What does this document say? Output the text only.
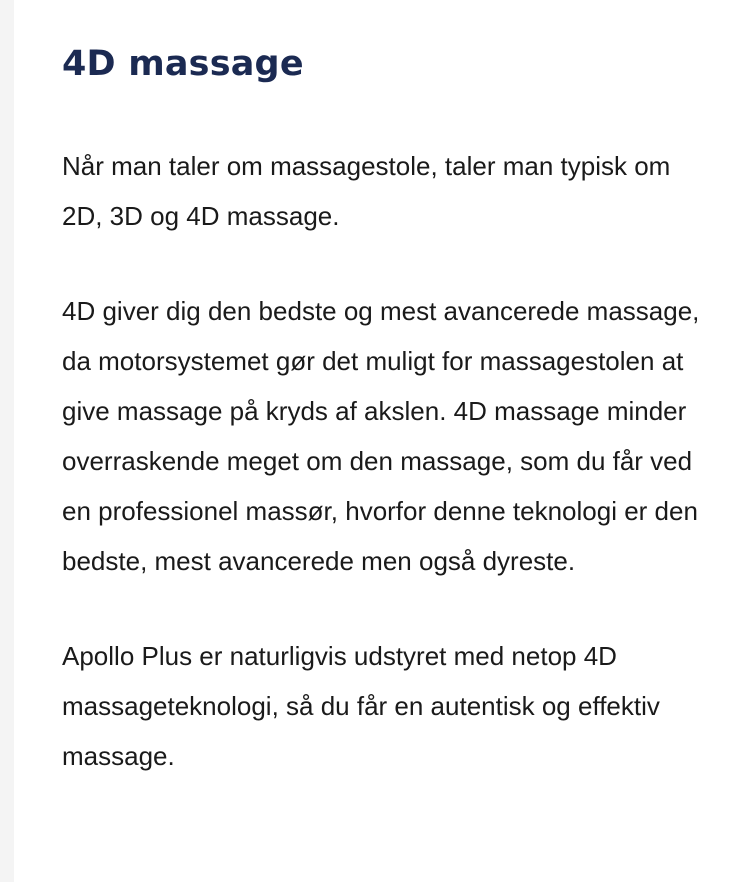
4D massage

Når man taler om massagestole, taler man typisk om 2D, 3D og 4D massage.

4D giver dig den bedste og mest avancerede massage, da motorsystemet gør det muligt for massagestolen at give massage på kryds af akslen. 4D massage minder overraskende meget om den massage, som du får ved en professionel massør, hvorfor denne teknologi er den bedste, mest avancerede men også dyreste.

Apollo Plus er naturligvis udstyret med netop 4D massageteknologi, så du får en autentisk og effektiv massage.
